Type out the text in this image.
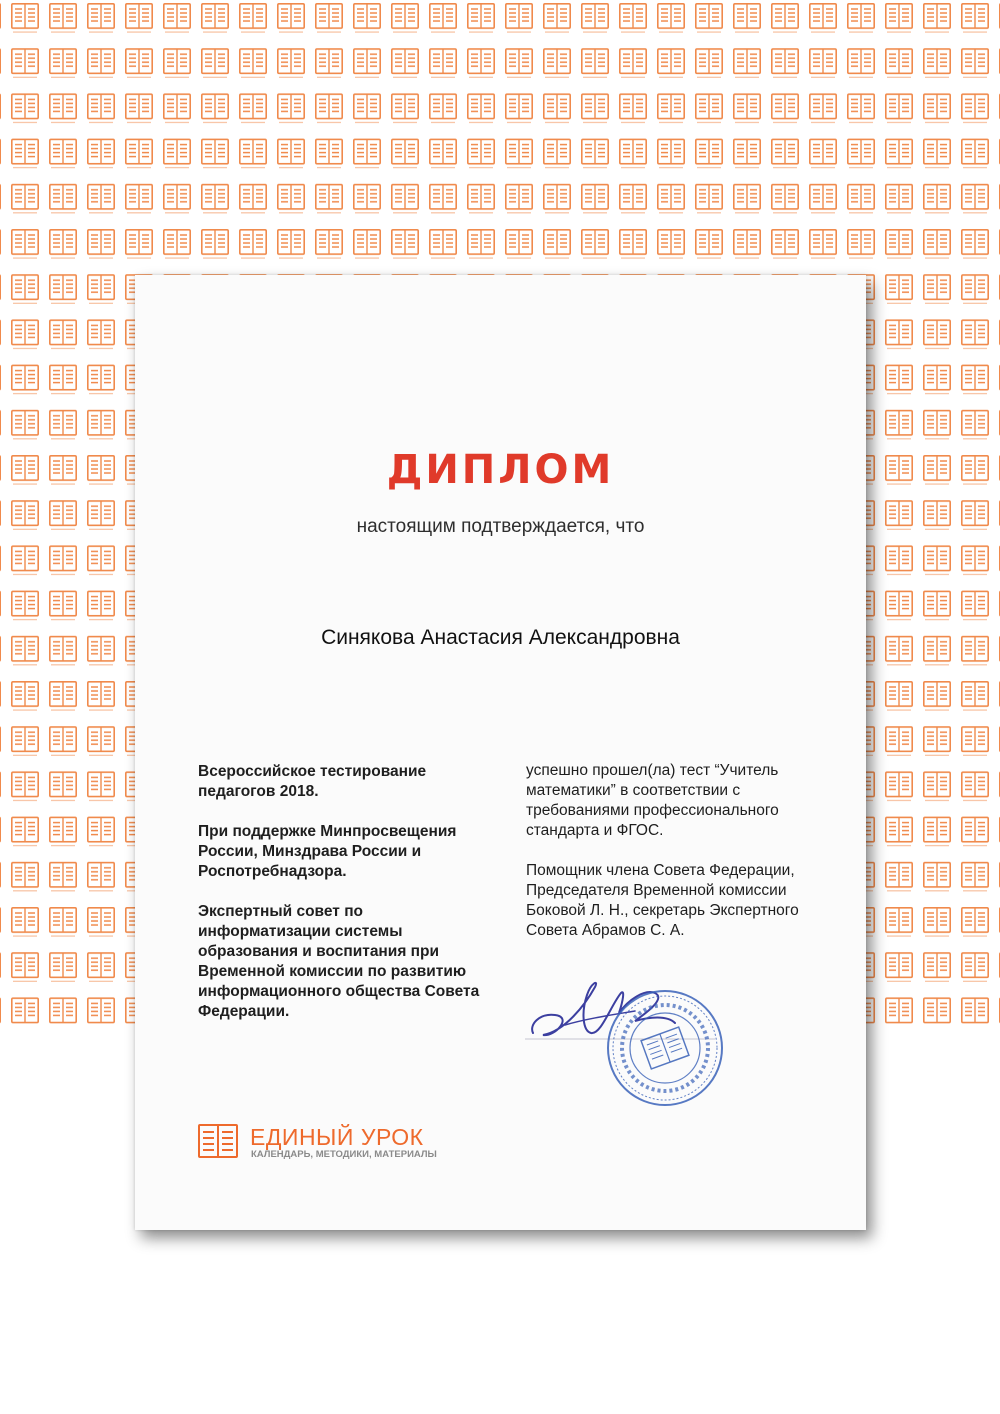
ДИПЛОМ
настоящим подтверждается, что
Синякова Анастасия Александровна

Всероссийское тестирование педагогов 2018.

При поддержке Минпросвещения России, Минздрава России и Роспотребнадзора.

Экспертный совет по информатизации системы образования и воспитания при Временной комиссии по развитию информационного общества Совета Федерации.

успешно прошел(ла) тест “Учитель математики” в соответствии с требованиями профессионального стандарта и ФГОС.

Помощник члена Совета Федерации, Председателя Временной комиссии Боковой Л. Н., секретарь Экспертного Совета Абрамов С. А.

ЕДИНЫЙ УРОК
КАЛЕНДАРЬ, МЕТОДИКИ, МАТЕРИАЛЫ
